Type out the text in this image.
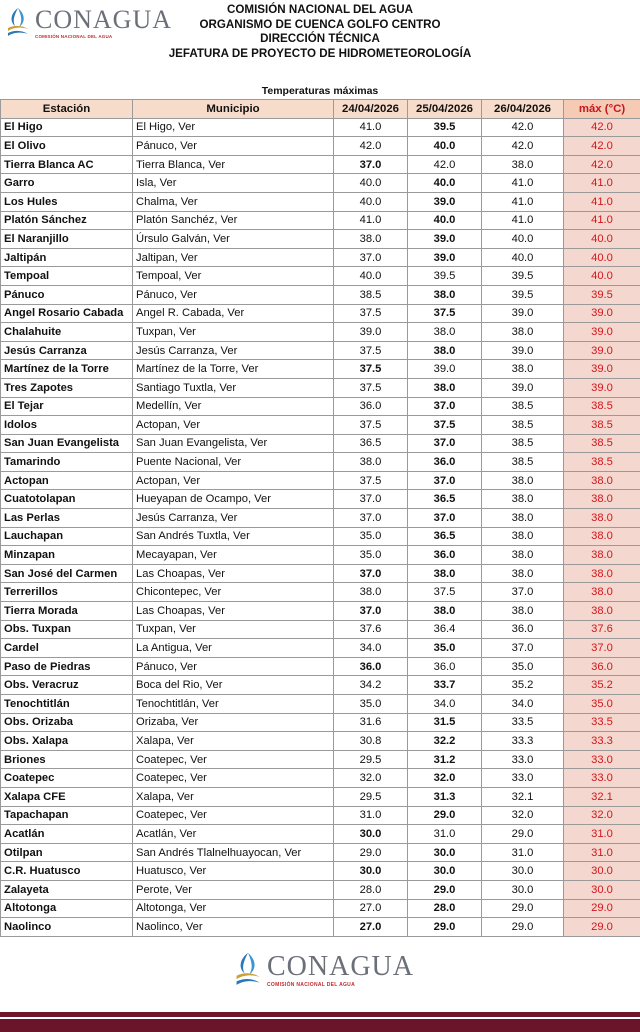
CONAGUA
COMISIÓN NACIONAL DEL AGUA
COMISIÓN NACIONAL DEL AGUA
ORGANISMO DE CUENCA GOLFO CENTRO
DIRECCIÓN TÉCNICA
JEFATURA DE PROYECTO DE HIDROMETEOROLOGÍA
Temperaturas máximas
Estación	Municipio	24/04/2026	25/04/2026	26/04/2026	máx (°C)
El Higo	El Higo, Ver	41.0	39.5	42.0	42.0
El Olivo	Pánuco, Ver	42.0	40.0	42.0	42.0
Tierra Blanca AC	Tierra Blanca, Ver	37.0	42.0	38.0	42.0
Garro	Isla, Ver	40.0	40.0	41.0	41.0
Los Hules	Chalma, Ver	40.0	39.0	41.0	41.0
Platón Sánchez	Platón Sanchéz, Ver	41.0	40.0	41.0	41.0
El Naranjillo	Úrsulo Galván, Ver	38.0	39.0	40.0	40.0
Jaltipán	Jaltipan, Ver	37.0	39.0	40.0	40.0
Tempoal	Tempoal, Ver	40.0	39.5	39.5	40.0
Pánuco	Pánuco, Ver	38.5	38.0	39.5	39.5
Angel Rosario Cabada	Angel R. Cabada, Ver	37.5	37.5	39.0	39.0
Chalahuite	Tuxpan, Ver	39.0	38.0	38.0	39.0
Jesús Carranza	Jesús Carranza, Ver	37.5	38.0	39.0	39.0
Martínez de la Torre	Martínez de la Torre, Ver	37.5	39.0	38.0	39.0
Tres Zapotes	Santiago Tuxtla, Ver	37.5	38.0	39.0	39.0
El Tejar	Medellín, Ver	36.0	37.0	38.5	38.5
Idolos	Actopan, Ver	37.5	37.5	38.5	38.5
San Juan Evangelista	San Juan Evangelista, Ver	36.5	37.0	38.5	38.5
Tamarindo	Puente Nacional, Ver	38.0	36.0	38.5	38.5
Actopan	Actopan, Ver	37.5	37.0	38.0	38.0
Cuatotolapan	Hueyapan de Ocampo, Ver	37.0	36.5	38.0	38.0
Las Perlas	Jesús Carranza, Ver	37.0	37.0	38.0	38.0
Lauchapan	San Andrés Tuxtla, Ver	35.0	36.5	38.0	38.0
Minzapan	Mecayapan, Ver	35.0	36.0	38.0	38.0
San José del Carmen	Las Choapas, Ver	37.0	38.0	38.0	38.0
Terrerillos	Chicontepec, Ver	38.0	37.5	37.0	38.0
Tierra Morada	Las Choapas, Ver	37.0	38.0	38.0	38.0
Obs. Tuxpan	Tuxpan, Ver	37.6	36.4	36.0	37.6
Cardel	La Antigua, Ver	34.0	35.0	37.0	37.0
Paso de Piedras	Pánuco, Ver	36.0	36.0	35.0	36.0
Obs. Veracruz	Boca del Rio, Ver	34.2	33.7	35.2	35.2
Tenochtitlán	Tenochtitlán, Ver	35.0	34.0	34.0	35.0
Obs. Orizaba	Orizaba, Ver	31.6	31.5	33.5	33.5
Obs. Xalapa	Xalapa, Ver	30.8	32.2	33.3	33.3
Briones	Coatepec, Ver	29.5	31.2	33.0	33.0
Coatepec	Coatepec, Ver	32.0	32.0	33.0	33.0
Xalapa CFE	Xalapa, Ver	29.5	31.3	32.1	32.1
Tapachapan	Coatepec, Ver	31.0	29.0	32.0	32.0
Acatlán	Acatlán, Ver	30.0	31.0	29.0	31.0
Otilpan	San Andrés Tlalnelhuayocan, Ver	29.0	30.0	31.0	31.0
C.R. Huatusco	Huatusco, Ver	30.0	30.0	30.0	30.0
Zalayeta	Perote, Ver	28.0	29.0	30.0	30.0
Altotonga	Altotonga, Ver	27.0	28.0	29.0	29.0
Naolinco	Naolinco, Ver	27.0	29.0	29.0	29.0
CONAGUA
COMISIÓN NACIONAL DEL AGUA
